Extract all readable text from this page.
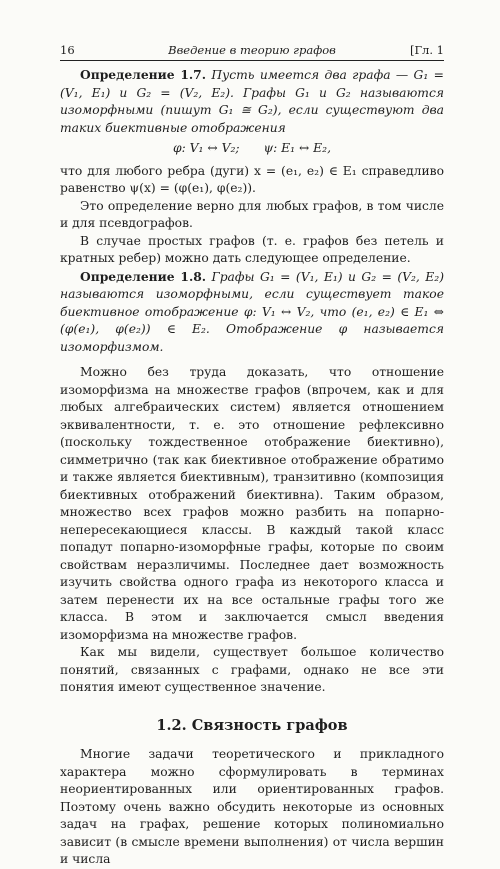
16	Введение в теорию графов	[Гл. 1

Определение 1.7. Пусть имеется два графа — G₁ = (V₁, E₁) и G₂ = (V₂, E₂). Графы G₁ и G₂ называются изоморфными (пишут G₁ ≅ G₂), если существуют два таких биективные отображения

φ: V₁ ↔ V₂; ψ: E₁ ↔ E₂,

что для любого ребра (дуги) x = (e₁, e₂) ∈ E₁ справедливо равенство ψ(x) = (φ(e₁), φ(e₂)).

Это определение верно для любых графов, в том числе и для псевдографов.

В случае простых графов (т. е. графов без петель и кратных ребер) можно дать следующее определение.

Определение 1.8. Графы G₁ = (V₁, E₁) и G₂ = (V₂, E₂) называются изоморфными, если существует такое биективное отображение φ: V₁ ↔ V₂, что (e₁, e₂) ∈ E₁ ⇔ (φ(e₁), φ(e₂)) ∈ E₂. Отображение φ называется изоморфизмом.

Можно без труда доказать, что отношение изоморфизма на множестве графов (впрочем, как и для любых алгебраических систем) является отношением эквивалентности, т. е. это отношение рефлексивно (поскольку тождественное отображение биективно), симметрично (так как биективное отображение обратимо и также является биективным), транзитивно (композиция биективных отображений биективна). Таким образом, множество всех графов можно разбить на попарно-непересекающиеся классы. В каждый такой класс попадут попарно-изоморфные графы, которые по своим свойствам неразличимы. Последнее дает возможность изучить свойства одного графа из некоторого класса и затем перенести их на все остальные графы того же класса. В этом и заключается смысл введения изоморфизма на множестве графов.

Как мы видели, существует большое количество понятий, связанных с графами, однако не все эти понятия имеют существенное значение.

1.2. Связность графов

Многие задачи теоретического и прикладного характера можно сформулировать в терминах неориентированных или ориентированных графов. Поэтому очень важно обсудить некоторые из основных задач на графах, решение которых полиномиально зависит (в смысле времени выполнения) от числа вершин и числа
